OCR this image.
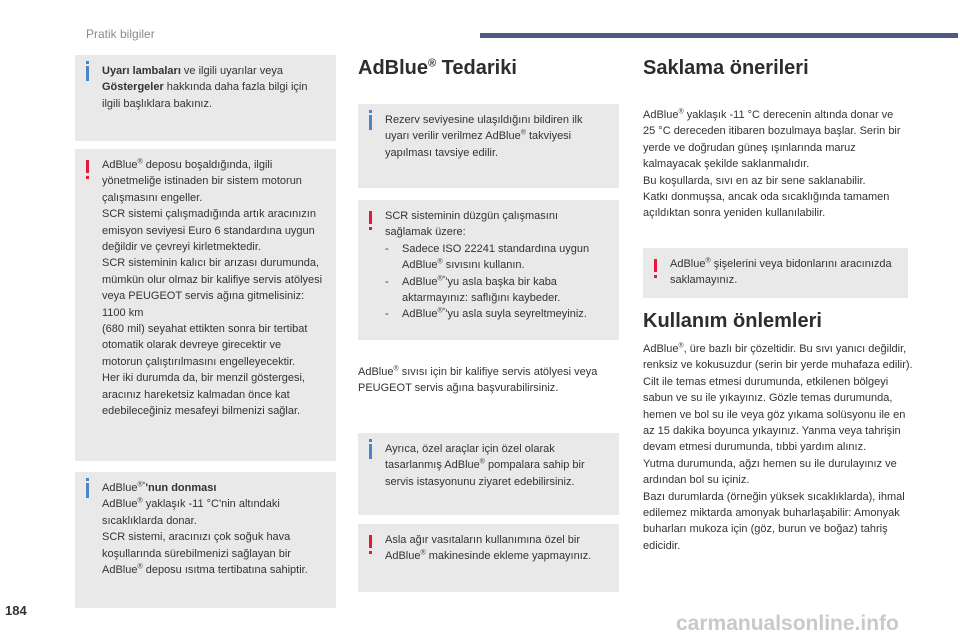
Pratik bilgiler

Uyarı lambaları ve ilgili uyarılar veya Göstergeler hakkında daha fazla bilgi için ilgili başlıklara bakınız.

AdBlue® deposu boşaldığında, ilgili yönetmeliğe istinaden bir sistem motorun çalışmasını engeller.

SCR sistemi çalışmadığında artık aracınızın emisyon seviyesi Euro 6 standardına uygun değildir ve çevreyi kirletmektedir.

SCR sisteminin kalıcı bir arızası durumunda, mümkün olur olmaz bir kalifiye servis atölyesi veya PEUGEOT servis ağına gitmelisiniz: 1100 km

(680 mil) seyahat ettikten sonra bir tertibat otomatik olarak devreye girecektir ve motorun çalıştırılmasını engelleyecektir.

Her iki durumda da, bir menzil göstergesi, aracınız hareketsiz kalmadan önce kat edebileceğiniz mesafeyi bilmenizi sağlar.

AdBlue®*'nun donması

AdBlue® yaklaşık -11 °C'nin altındaki sıcaklıklarda donar.

SCR sistemi, aracınızı çok soğuk hava koşullarında sürebilmenizi sağlayan bir AdBlue® deposu ısıtma tertibatına sahiptir.

AdBlue® Tedariki

Rezerv seviyesine ulaşıldığını bildiren ilk uyarı verilir verilmez AdBlue® takviyesi yapılması tavsiye edilir.

SCR sisteminin düzgün çalışmasını sağlamak üzere:

- Sadece ISO 22241 standardına uygun AdBlue® sıvısını kullanın.
- AdBlue®*'yu asla başka bir kaba aktarmayınız: saflığını kaybeder.
- AdBlue®*'yu asla suyla seyreltmeyiniz.

AdBlue® sıvısı için bir kalifiye servis atölyesi veya PEUGEOT servis ağına başvurabilirsiniz.

Ayrıca, özel araçlar için özel olarak tasarlanmış AdBlue® pompalara sahip bir servis istasyonunu ziyaret edebilirsiniz.

Asla ağır vasıtaların kullanımına özel bir AdBlue® makinesinde ekleme yapmayınız.

Saklama önerileri

AdBlue® yaklaşık -11 °C derecenin altında donar ve 25 °C dereceden itibaren bozulmaya başlar. Serin bir yerde ve doğrudan güneş ışınlarında maruz kalmayacak şekilde saklanmalıdır.

Bu koşullarda, sıvı en az bir sene saklanabilir.

Katkı donmuşsa, ancak oda sıcaklığında tamamen açıldıktan sonra yeniden kullanılabilir.

AdBlue® şişelerini veya bidonlarını aracınızda saklamayınız.

Kullanım önlemleri

AdBlue®, üre bazlı bir çözeltidir. Bu sıvı yanıcı değildir, renksiz ve kokusuzdur (serin bir yerde muhafaza edilir).

Cilt ile temas etmesi durumunda, etkilenen bölgeyi sabun ve su ile yıkayınız. Gözle temas durumunda, hemen ve bol su ile veya göz yıkama solüsyonu ile en az 15 dakika boyunca yıkayınız. Yanma veya tahrişin devam etmesi durumunda, tıbbi yardım alınız.

Yutma durumunda, ağzı hemen su ile durulayınız ve ardından bol su içiniz.

Bazı durumlarda (örneğin yüksek sıcaklıklarda), ihmal edilemez miktarda amonyak buharlaşabilir: Amonyak buharları mukoza için (göz, burun ve boğaz) tahriş edicidir.

184
carmanualsonline.info
